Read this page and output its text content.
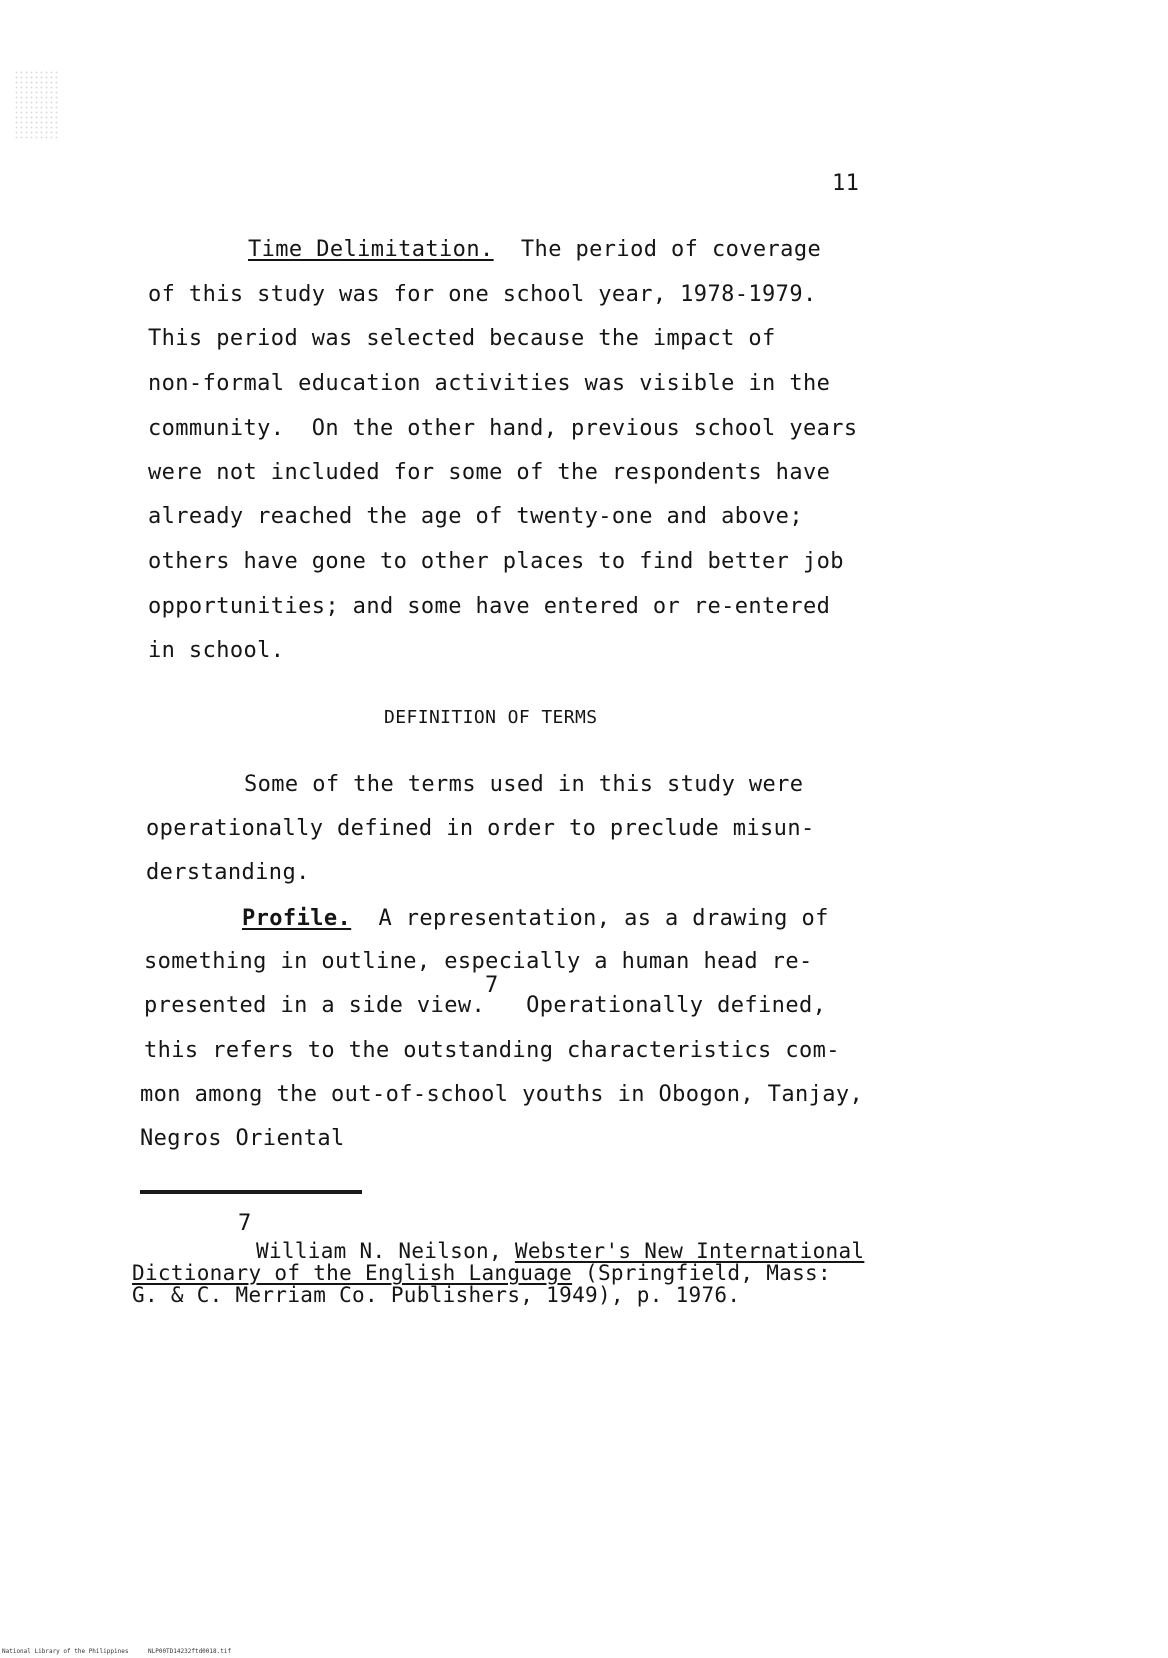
11
Time Delimitation.  The period of coverage
of this study was for one school year, 1978-1979.
This period was selected because the impact of
non-formal education activities was visible in the
community.  On the other hand, previous school years
were not included for some of the respondents have
already reached the age of twenty-one and above;
others have gone to other places to find better job
opportunities; and some have entered or re-entered
in school.
DEFINITION OF TERMS
Some of the terms used in this study were
operationally defined in order to preclude misun-
derstanding.
Profile.  A representation, as a drawing of
something in outline, especially a human head re-
7
presented in a side view.   Operationally defined,
this refers to the outstanding characteristics com-
mon among the out-of-school youths in Obogon, Tanjay,
Negros Oriental
7
William N. Neilson, Webster's New International
Dictionary of the English Language (Springfield, Mass:
G. & C. Merriam Co. Publishers, 1949), p. 1976.
National Library of the Philippines	NLP00TD14232ftd0018.tif
